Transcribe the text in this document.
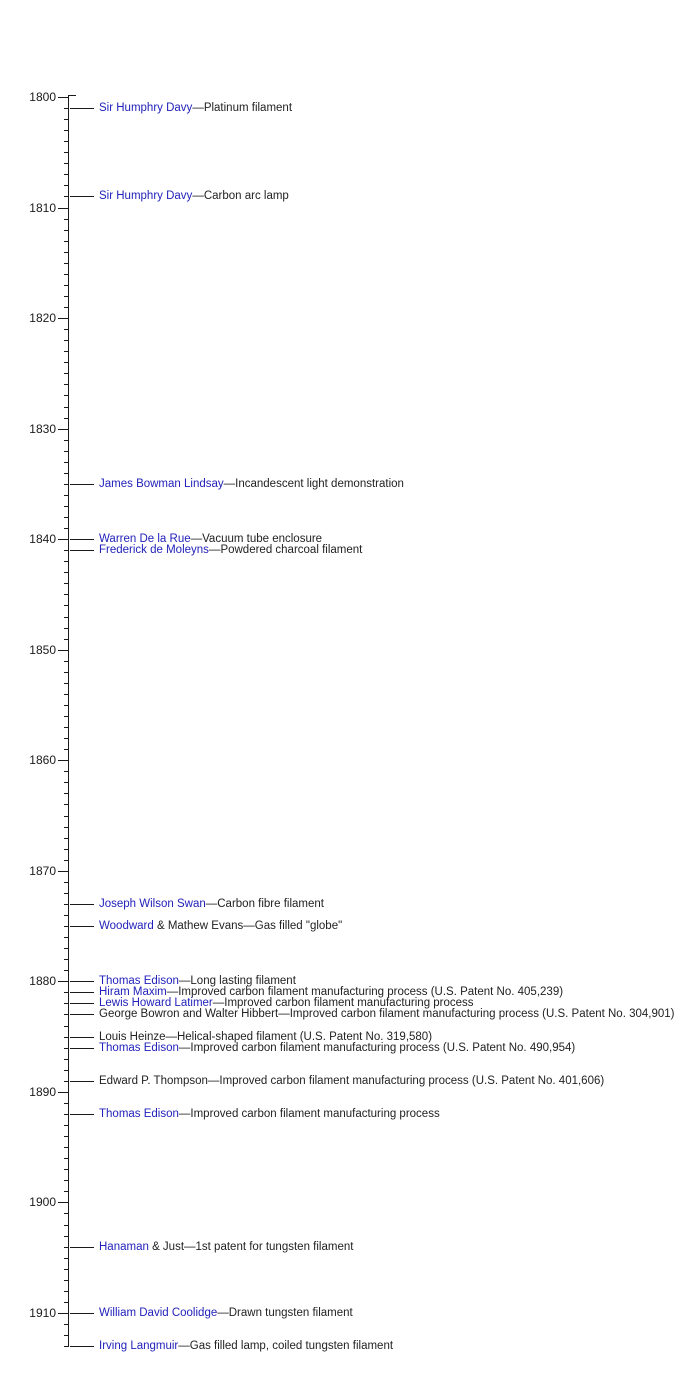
1800
1810
1820
1830
1840
1850
1860
1870
1880
1890
1900
1910
Sir Humphry Davy—Platinum filament
Sir Humphry Davy—Carbon arc lamp
James Bowman Lindsay—Incandescent light demonstration
Warren De la Rue—Vacuum tube enclosure
Frederick de Moleyns—Powdered charcoal filament
Joseph Wilson Swan—Carbon fibre filament
Woodward & Mathew Evans—Gas filled "globe"
Thomas Edison—Long lasting filament
Hiram Maxim—Improved carbon filament manufacturing process (U.S. Patent No. 405,239)
Lewis Howard Latimer—Improved carbon filament manufacturing process
George Bowron and Walter Hibbert—Improved carbon filament manufacturing process (U.S. Patent No. 304,901)
Louis Heinze—Helical-shaped filament (U.S. Patent No. 319,580)
Thomas Edison—Improved carbon filament manufacturing process (U.S. Patent No. 490,954)
Edward P. Thompson—Improved carbon filament manufacturing process (U.S. Patent No. 401,606)
Thomas Edison—Improved carbon filament manufacturing process
Hanaman & Just—1st patent for tungsten filament
William David Coolidge—Drawn tungsten filament
Irving Langmuir—Gas filled lamp, coiled tungsten filament
